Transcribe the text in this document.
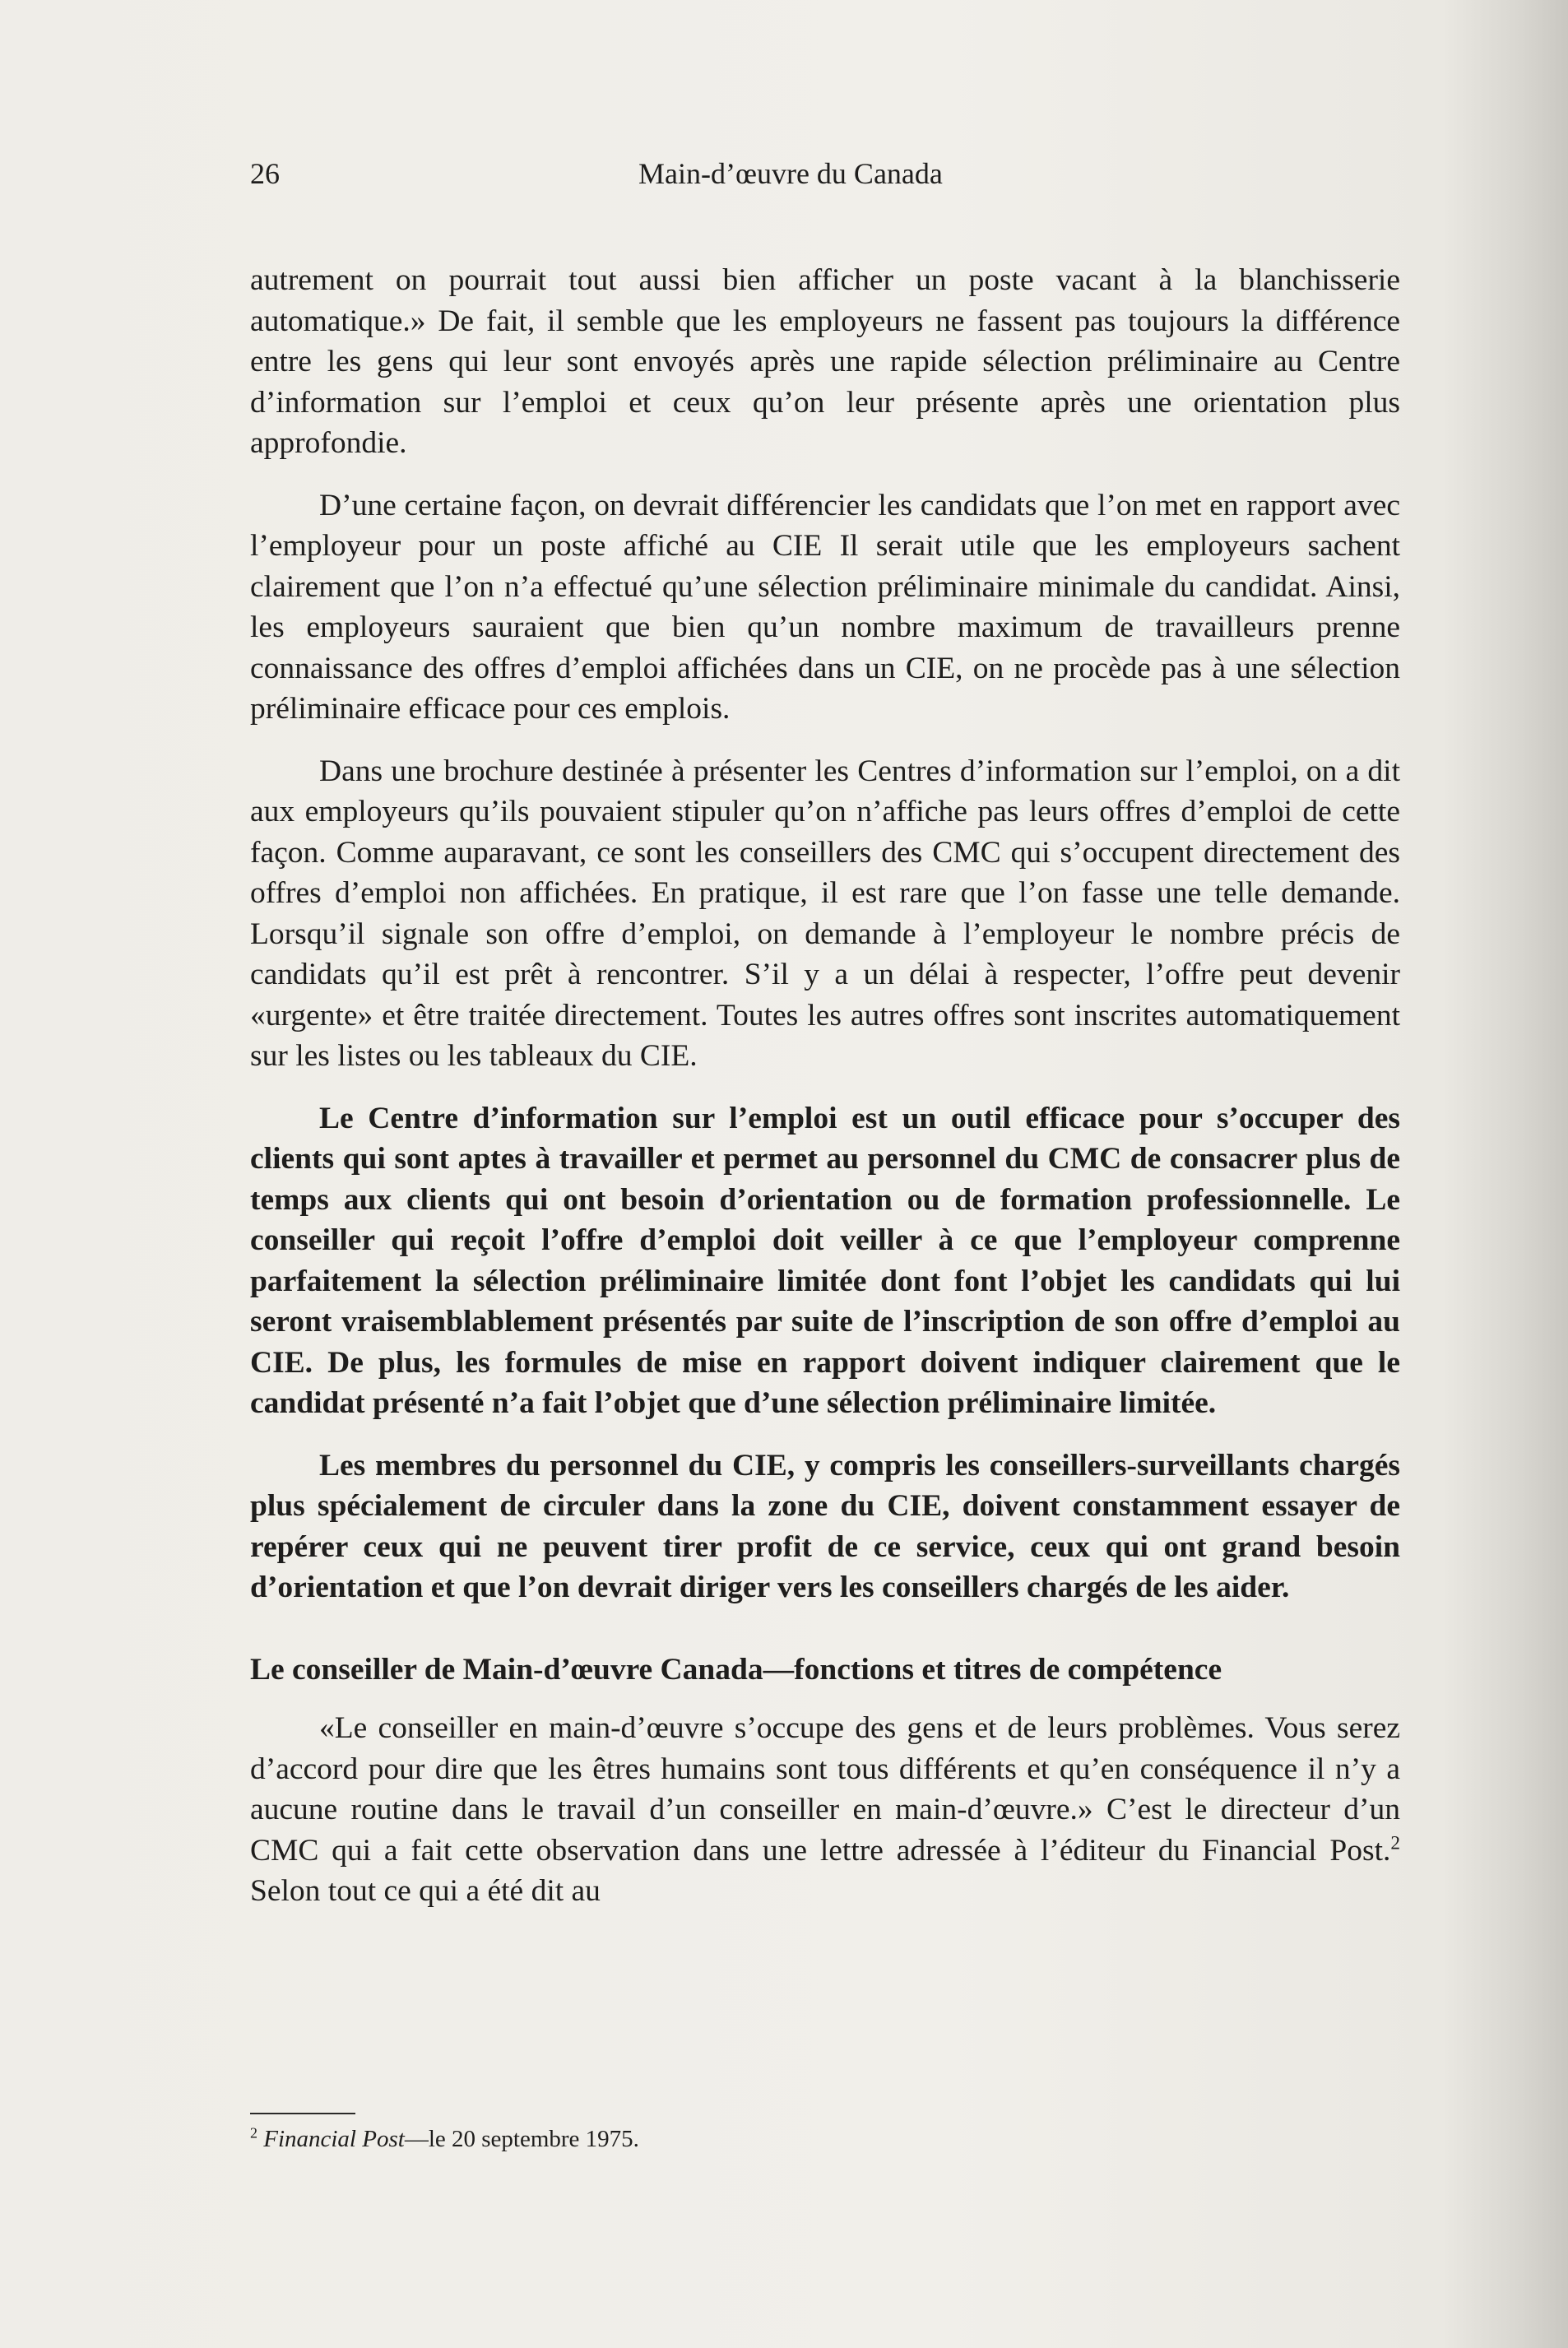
26	Main-d’œuvre du Canada

autrement on pourrait tout aussi bien afficher un poste vacant à la blanchisserie automatique.» De fait, il semble que les employeurs ne fassent pas toujours la différence entre les gens qui leur sont envoyés après une rapide sélection préliminaire au Centre d’information sur l’emploi et ceux qu’on leur présente après une orientation plus approfondie.

D’une certaine façon, on devrait différencier les candidats que l’on met en rapport avec l’employeur pour un poste affiché au CIE Il serait utile que les employeurs sachent clairement que l’on n’a effectué qu’une sélection préliminaire minimale du candidat. Ainsi, les employeurs sauraient que bien qu’un nombre maximum de travailleurs prenne connaissance des offres d’emploi affichées dans un CIE, on ne procède pas à une sélection préliminaire efficace pour ces emplois.

Dans une brochure destinée à présenter les Centres d’information sur l’emploi, on a dit aux employeurs qu’ils pouvaient stipuler qu’on n’affiche pas leurs offres d’emploi de cette façon. Comme auparavant, ce sont les conseillers des CMC qui s’occupent directement des offres d’emploi non affichées. En pratique, il est rare que l’on fasse une telle demande. Lorsqu’il signale son offre d’emploi, on demande à l’employeur le nombre précis de candidats qu’il est prêt à rencontrer. S’il y a un délai à respecter, l’offre peut devenir «urgente» et être traitée directement. Toutes les autres offres sont inscrites automatiquement sur les listes ou les tableaux du CIE.

Le Centre d’information sur l’emploi est un outil efficace pour s’occuper des clients qui sont aptes à travailler et permet au personnel du CMC de consacrer plus de temps aux clients qui ont besoin d’orientation ou de formation professionnelle. Le conseiller qui reçoit l’offre d’emploi doit veiller à ce que l’employeur comprenne parfaitement la sélection préliminaire limitée dont font l’objet les candidats qui lui seront vraisemblablement présentés par suite de l’inscription de son offre d’emploi au CIE. De plus, les formules de mise en rapport doivent indiquer clairement que le candidat présenté n’a fait l’objet que d’une sélection préliminaire limitée.

Les membres du personnel du CIE, y compris les conseillers-surveillants chargés plus spécialement de circuler dans la zone du CIE, doivent constamment essayer de repérer ceux qui ne peuvent tirer profit de ce service, ceux qui ont grand besoin d’orientation et que l’on devrait diriger vers les conseillers chargés de les aider.

Le conseiller de Main-d’œuvre Canada—fonctions et titres de compétence

«Le conseiller en main-d’œuvre s’occupe des gens et de leurs problèmes. Vous serez d’accord pour dire que les êtres humains sont tous différents et qu’en conséquence il n’y a aucune routine dans le travail d’un conseiller en main-d’œuvre.» C’est le directeur d’un CMC qui a fait cette observation dans une lettre adressée à l’éditeur du Financial Post.$^2$ Selon tout ce qui a été dit au

$^2$ Financial Post—le 20 septembre 1975.
